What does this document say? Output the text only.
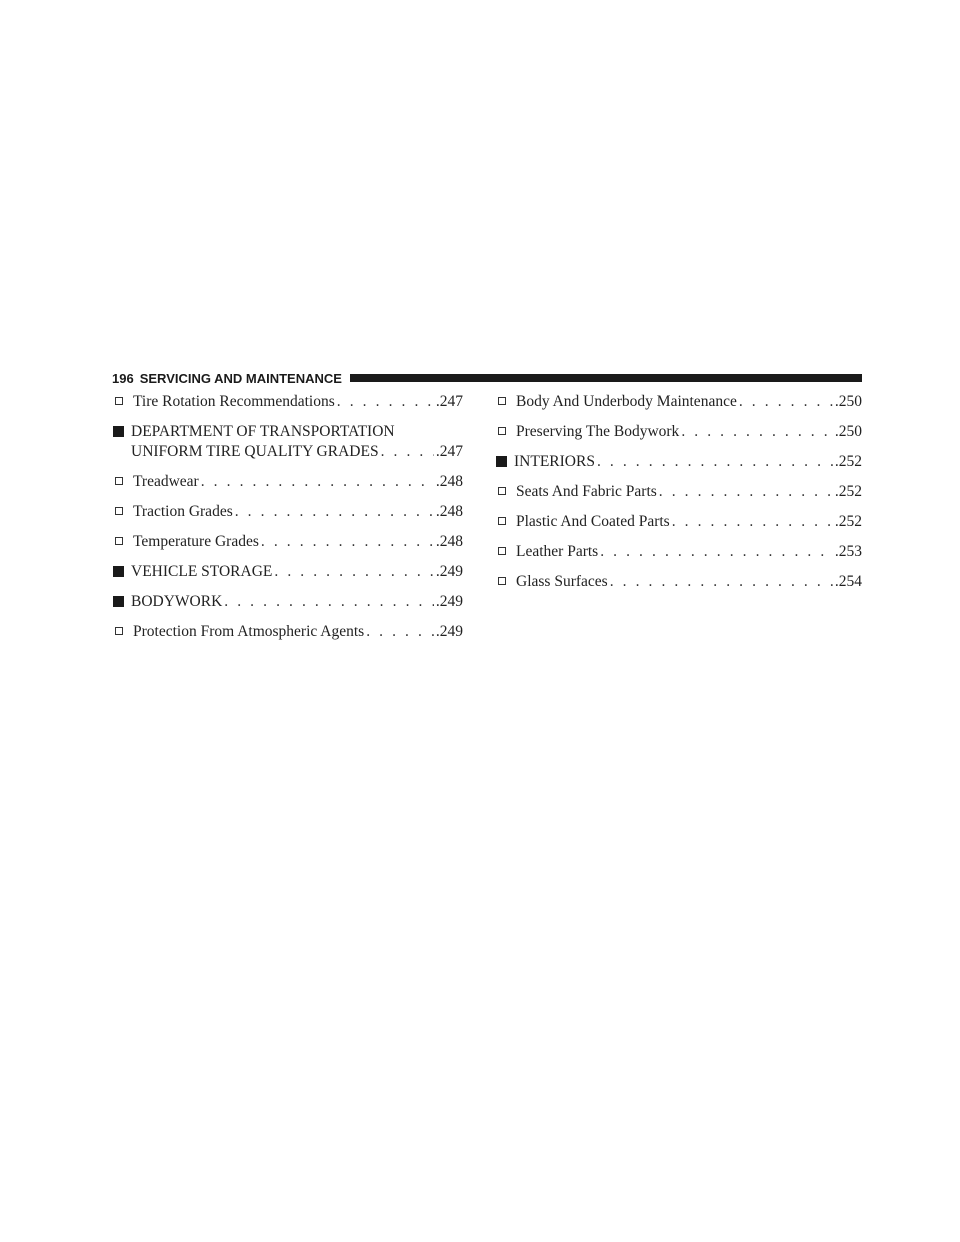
196 SERVICING AND MAINTENANCE
Tire Rotation Recommendations . . .	.247
DEPARTMENT OF TRANSPORTATION
UNIFORM TIRE QUALITY GRADES . . .	.247
Treadwear . . .	.248
Traction Grades . . .	.248
Temperature Grades . . .	.248
VEHICLE STORAGE . . .	.249
BODYWORK . . .	.249
Protection From Atmospheric Agents . . .	.249
Body And Underbody Maintenance . . .	.250
Preserving The Bodywork . . .	.250
INTERIORS . . .	.252
Seats And Fabric Parts . . .	.252
Plastic And Coated Parts . . .	.252
Leather Parts . . .	.253
Glass Surfaces . . .	.254
